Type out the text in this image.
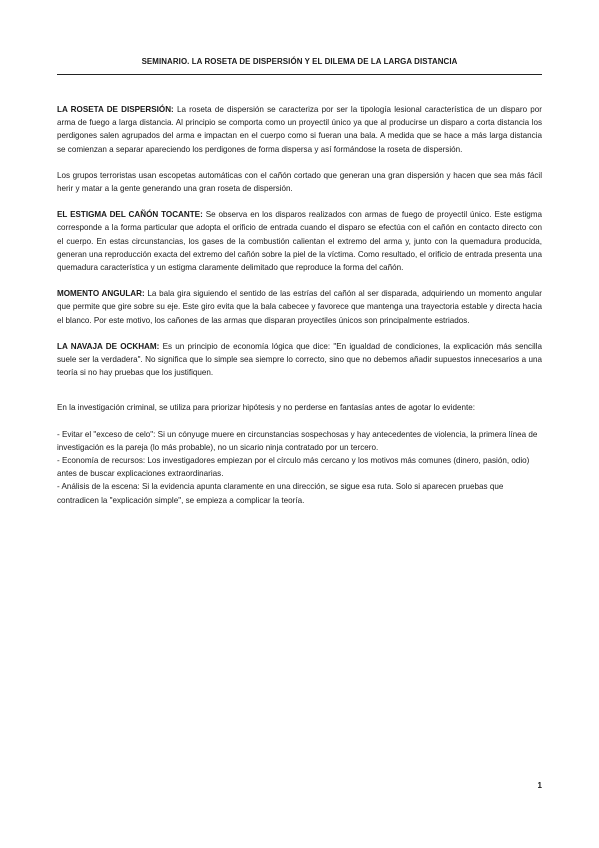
SEMINARIO. LA ROSETA DE DISPERSIÓN Y EL DILEMA DE LA LARGA DISTANCIA

LA ROSETA DE DISPERSIÓN: La roseta de dispersión se caracteriza por ser la tipología lesional característica de un disparo por arma de fuego a larga distancia. Al principio se comporta como un proyectil único ya que al producirse un disparo a corta distancia los perdigones salen agrupados del arma e impactan en el cuerpo como si fueran una bala. A medida que se hace a más larga distancia se comienzan a separar apareciendo los perdigones de forma dispersa y así formándose la roseta de dispersión.

Los grupos terroristas usan escopetas automáticas con el cañón cortado que generan una gran dispersión y hacen que sea más fácil herir y matar a la gente generando una gran roseta de dispersión.

EL ESTIGMA DEL CAÑÓN TOCANTE: Se observa en los disparos realizados con armas de fuego de proyectil único. Este estigma corresponde a la forma particular que adopta el orificio de entrada cuando el disparo se efectúa con el cañón en contacto directo con el cuerpo. En estas circunstancias, los gases de la combustión calientan el extremo del arma y, junto con la quemadura producida, generan una reproducción exacta del extremo del cañón sobre la piel de la víctima. Como resultado, el orificio de entrada presenta una quemadura característica y un estigma claramente delimitado que reproduce la forma del cañón.

MOMENTO ANGULAR: La bala gira siguiendo el sentido de las estrías del cañón al ser disparada, adquiriendo un momento angular que permite que gire sobre su eje. Este giro evita que la bala cabecee y favorece que mantenga una trayectoria estable y directa hacia el blanco. Por este motivo, los cañones de las armas que disparan proyectiles únicos son principalmente estriados.

LA NAVAJA DE OCKHAM: Es un principio de economía lógica que dice: "En igualdad de condiciones, la explicación más sencilla suele ser la verdadera". No significa que lo simple sea siempre lo correcto, sino que no debemos añadir supuestos innecesarios a una teoría si no hay pruebas que los justifiquen.

En la investigación criminal, se utiliza para priorizar hipótesis y no perderse en fantasías antes de agotar lo evidente:

- Evitar el "exceso de celo": Si un cónyuge muere en circunstancias sospechosas y hay antecedentes de violencia, la primera línea de investigación es la pareja (lo más probable), no un sicario ninja contratado por un tercero.

- Economía de recursos: Los investigadores empiezan por el círculo más cercano y los motivos más comunes (dinero, pasión, odio) antes de buscar explicaciones extraordinarias.

- Análisis de la escena: Si la evidencia apunta claramente en una dirección, se sigue esa ruta. Solo si aparecen pruebas que contradicen la "explicación simple", se empieza a complicar la teoría.

1
